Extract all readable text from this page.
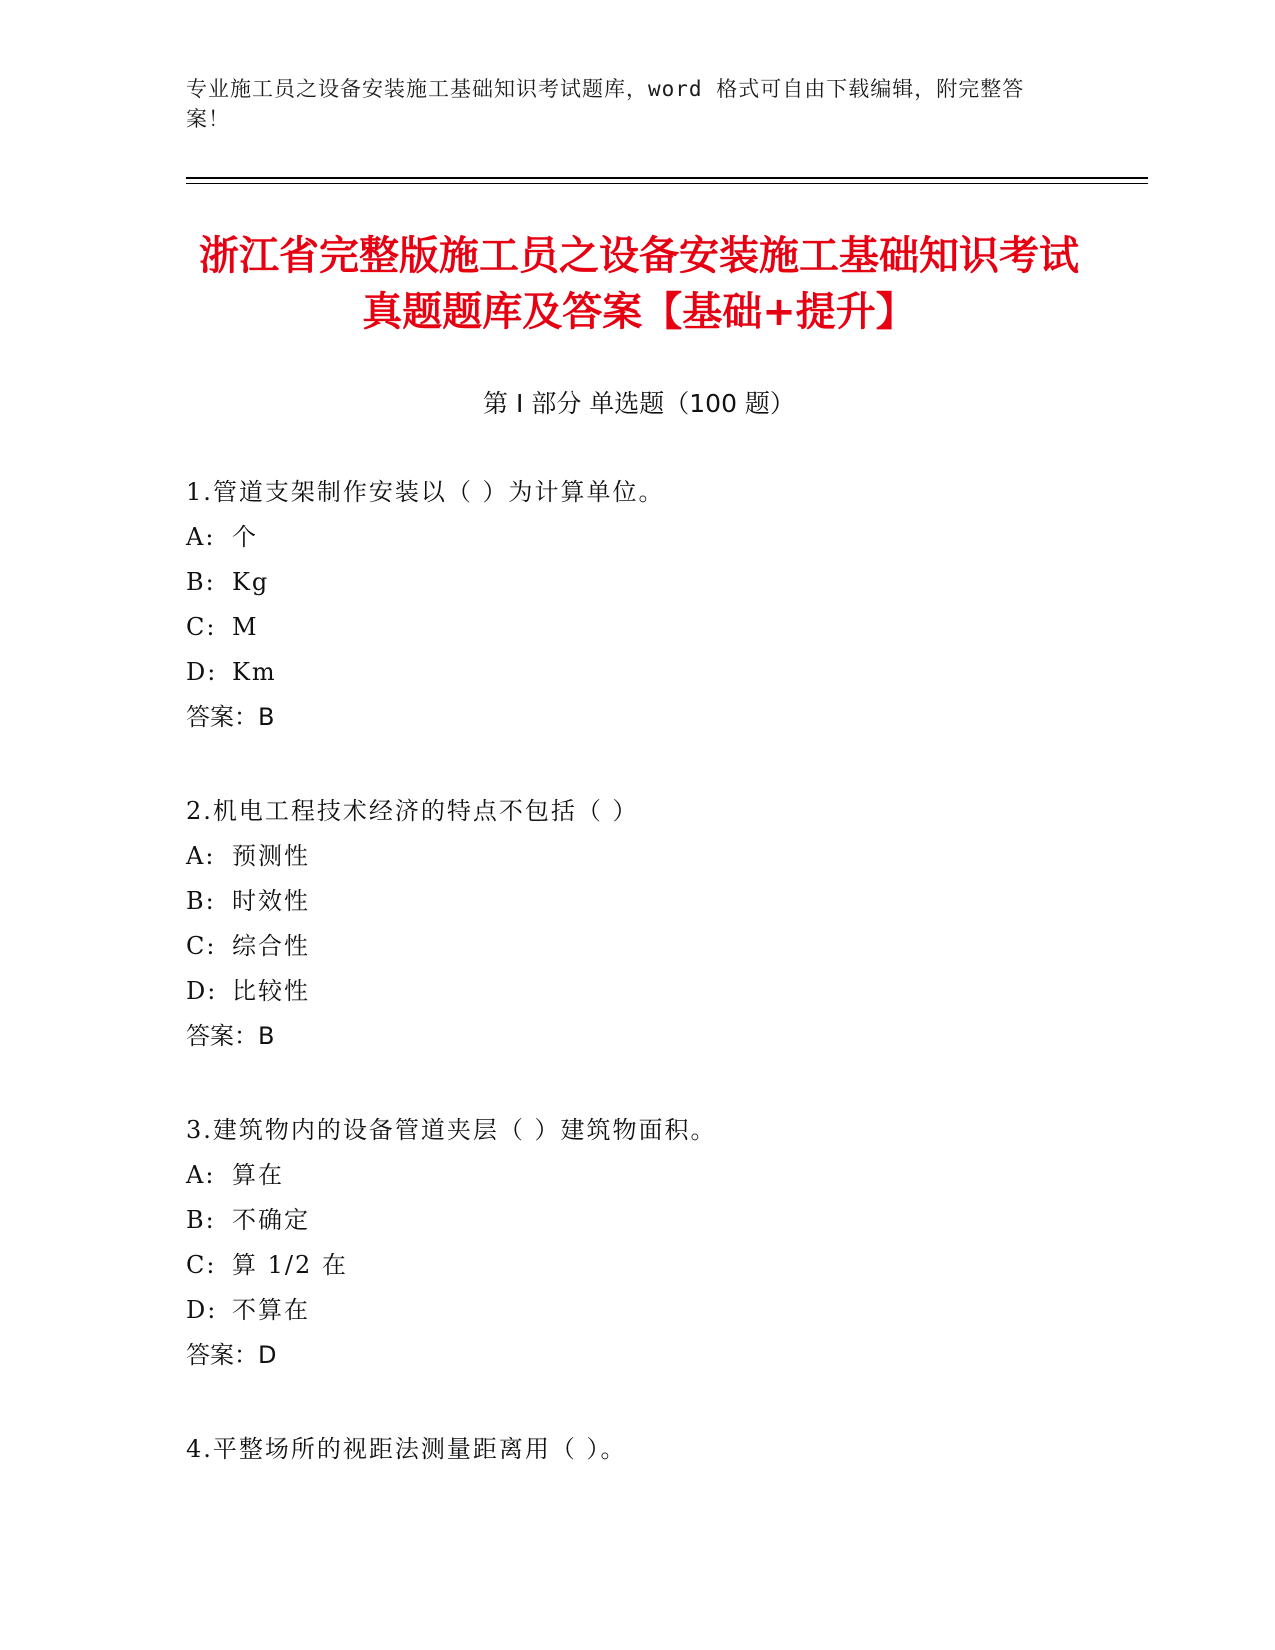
专业施工员之设备安装施工基础知识考试题库，word 格式可自由下载编辑，附完整答案！
浙江省完整版施工员之设备安装施工基础知识考试真题题库及答案【基础+提升】
第 I 部分 单选题（100 题）
1.管道支架制作安装以（ ）为计算单位。
A: 个
B: Kg
C: M
D: Km
答案：B
2.机电工程技术经济的特点不包括（ ）
A: 预测性
B: 时效性
C: 综合性
D: 比较性
答案：B
3.建筑物内的设备管道夹层（ ）建筑物面积。
A: 算在
B: 不确定
C: 算 1/2 在
D: 不算在
答案：D
4.平整场所的视距法测量距离用（ ）。
